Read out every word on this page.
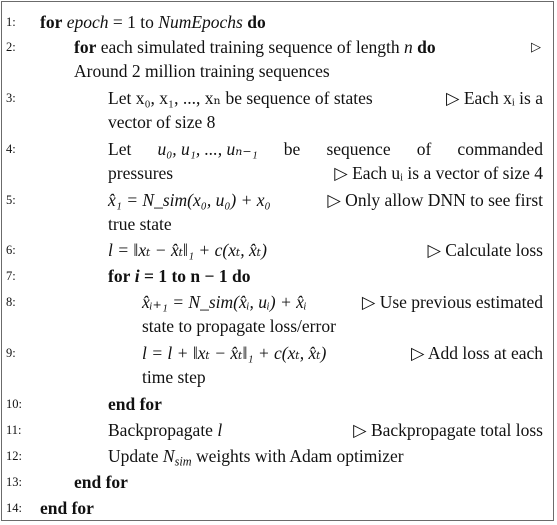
1:	for epoch = 1 to NumEpochs do
2:	for each simulated training sequence of length n do	▷
Around 2 million training sequences
3:	Let x₀, x₁, ..., xₙ be sequence of states	▷ Each xᵢ is a
vector of size 8
4:	Let u₀, u₁, ..., uₙ₋₁ be sequence of commanded
pressures	▷ Each uᵢ is a vector of size 4
5:	x̂₁ = N_sim(x₀, u₀) + x₀	▷ Only allow DNN to see first
true state
6:	l = ‖xₜ − x̂ₜ‖₁ + c(xₜ, x̂ₜ)	▷ Calculate loss
7:	for i = 1 to n − 1 do
8:	x̂ᵢ₊₁ = N_sim(x̂ᵢ, uᵢ) + x̂ᵢ	▷ Use previous estimated
state to propagate loss/error
9:	l = l + ‖xₜ − x̂ₜ‖₁ + c(xₜ, x̂ₜ)	▷ Add loss at each
time step
10:	end for
11:	Backpropagate l	▷ Backpropagate total loss
12:	Update $N_{sim}$ weights with Adam optimizer
13:	end for
14:	end for
